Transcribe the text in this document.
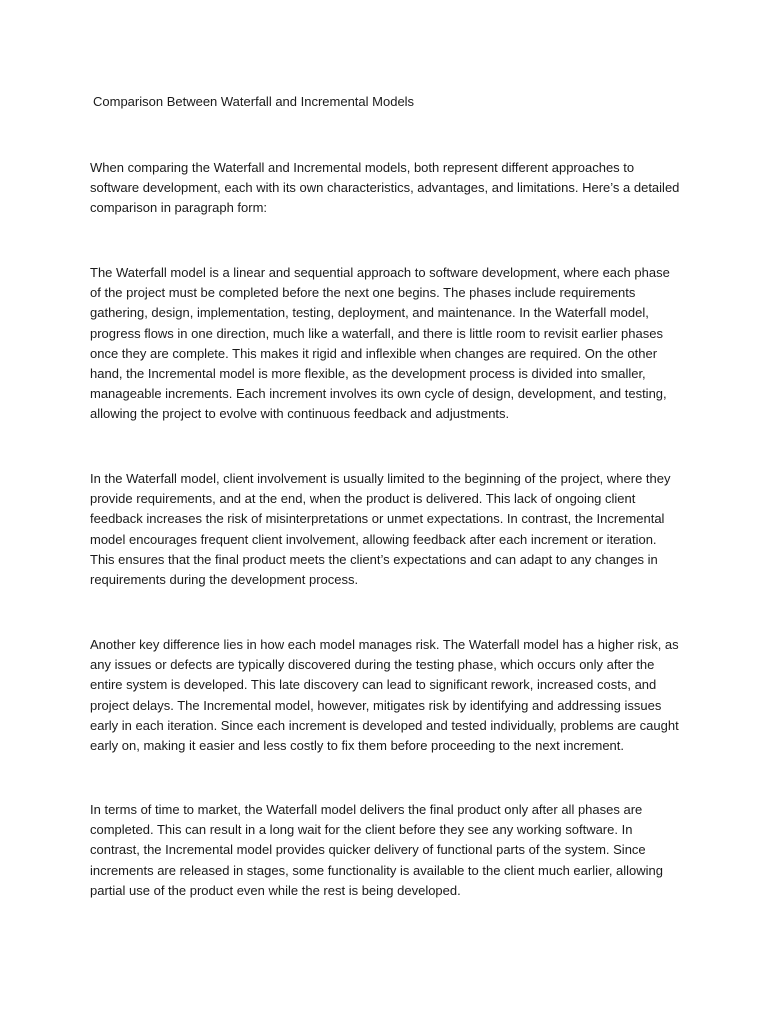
Comparison Between Waterfall and Incremental Models

When comparing the Waterfall and Incremental models, both represent different approaches to software development, each with its own characteristics, advantages, and limitations. Here’s a detailed comparison in paragraph form:

The Waterfall model is a linear and sequential approach to software development, where each phase of the project must be completed before the next one begins. The phases include requirements gathering, design, implementation, testing, deployment, and maintenance. In the Waterfall model, progress flows in one direction, much like a waterfall, and there is little room to revisit earlier phases once they are complete. This makes it rigid and inflexible when changes are required. On the other hand, the Incremental model is more flexible, as the development process is divided into smaller, manageable increments. Each increment involves its own cycle of design, development, and testing, allowing the project to evolve with continuous feedback and adjustments.

In the Waterfall model, client involvement is usually limited to the beginning of the project, where they provide requirements, and at the end, when the product is delivered. This lack of ongoing client feedback increases the risk of misinterpretations or unmet expectations. In contrast, the Incremental model encourages frequent client involvement, allowing feedback after each increment or iteration. This ensures that the final product meets the client’s expectations and can adapt to any changes in requirements during the development process.

Another key difference lies in how each model manages risk. The Waterfall model has a higher risk, as any issues or defects are typically discovered during the testing phase, which occurs only after the entire system is developed. This late discovery can lead to significant rework, increased costs, and project delays. The Incremental model, however, mitigates risk by identifying and addressing issues early in each iteration. Since each increment is developed and tested individually, problems are caught early on, making it easier and less costly to fix them before proceeding to the next increment.

In terms of time to market, the Waterfall model delivers the final product only after all phases are completed. This can result in a long wait for the client before they see any working software. In contrast, the Incremental model provides quicker delivery of functional parts of the system. Since increments are released in stages, some functionality is available to the client much earlier, allowing partial use of the product even while the rest is being developed.
